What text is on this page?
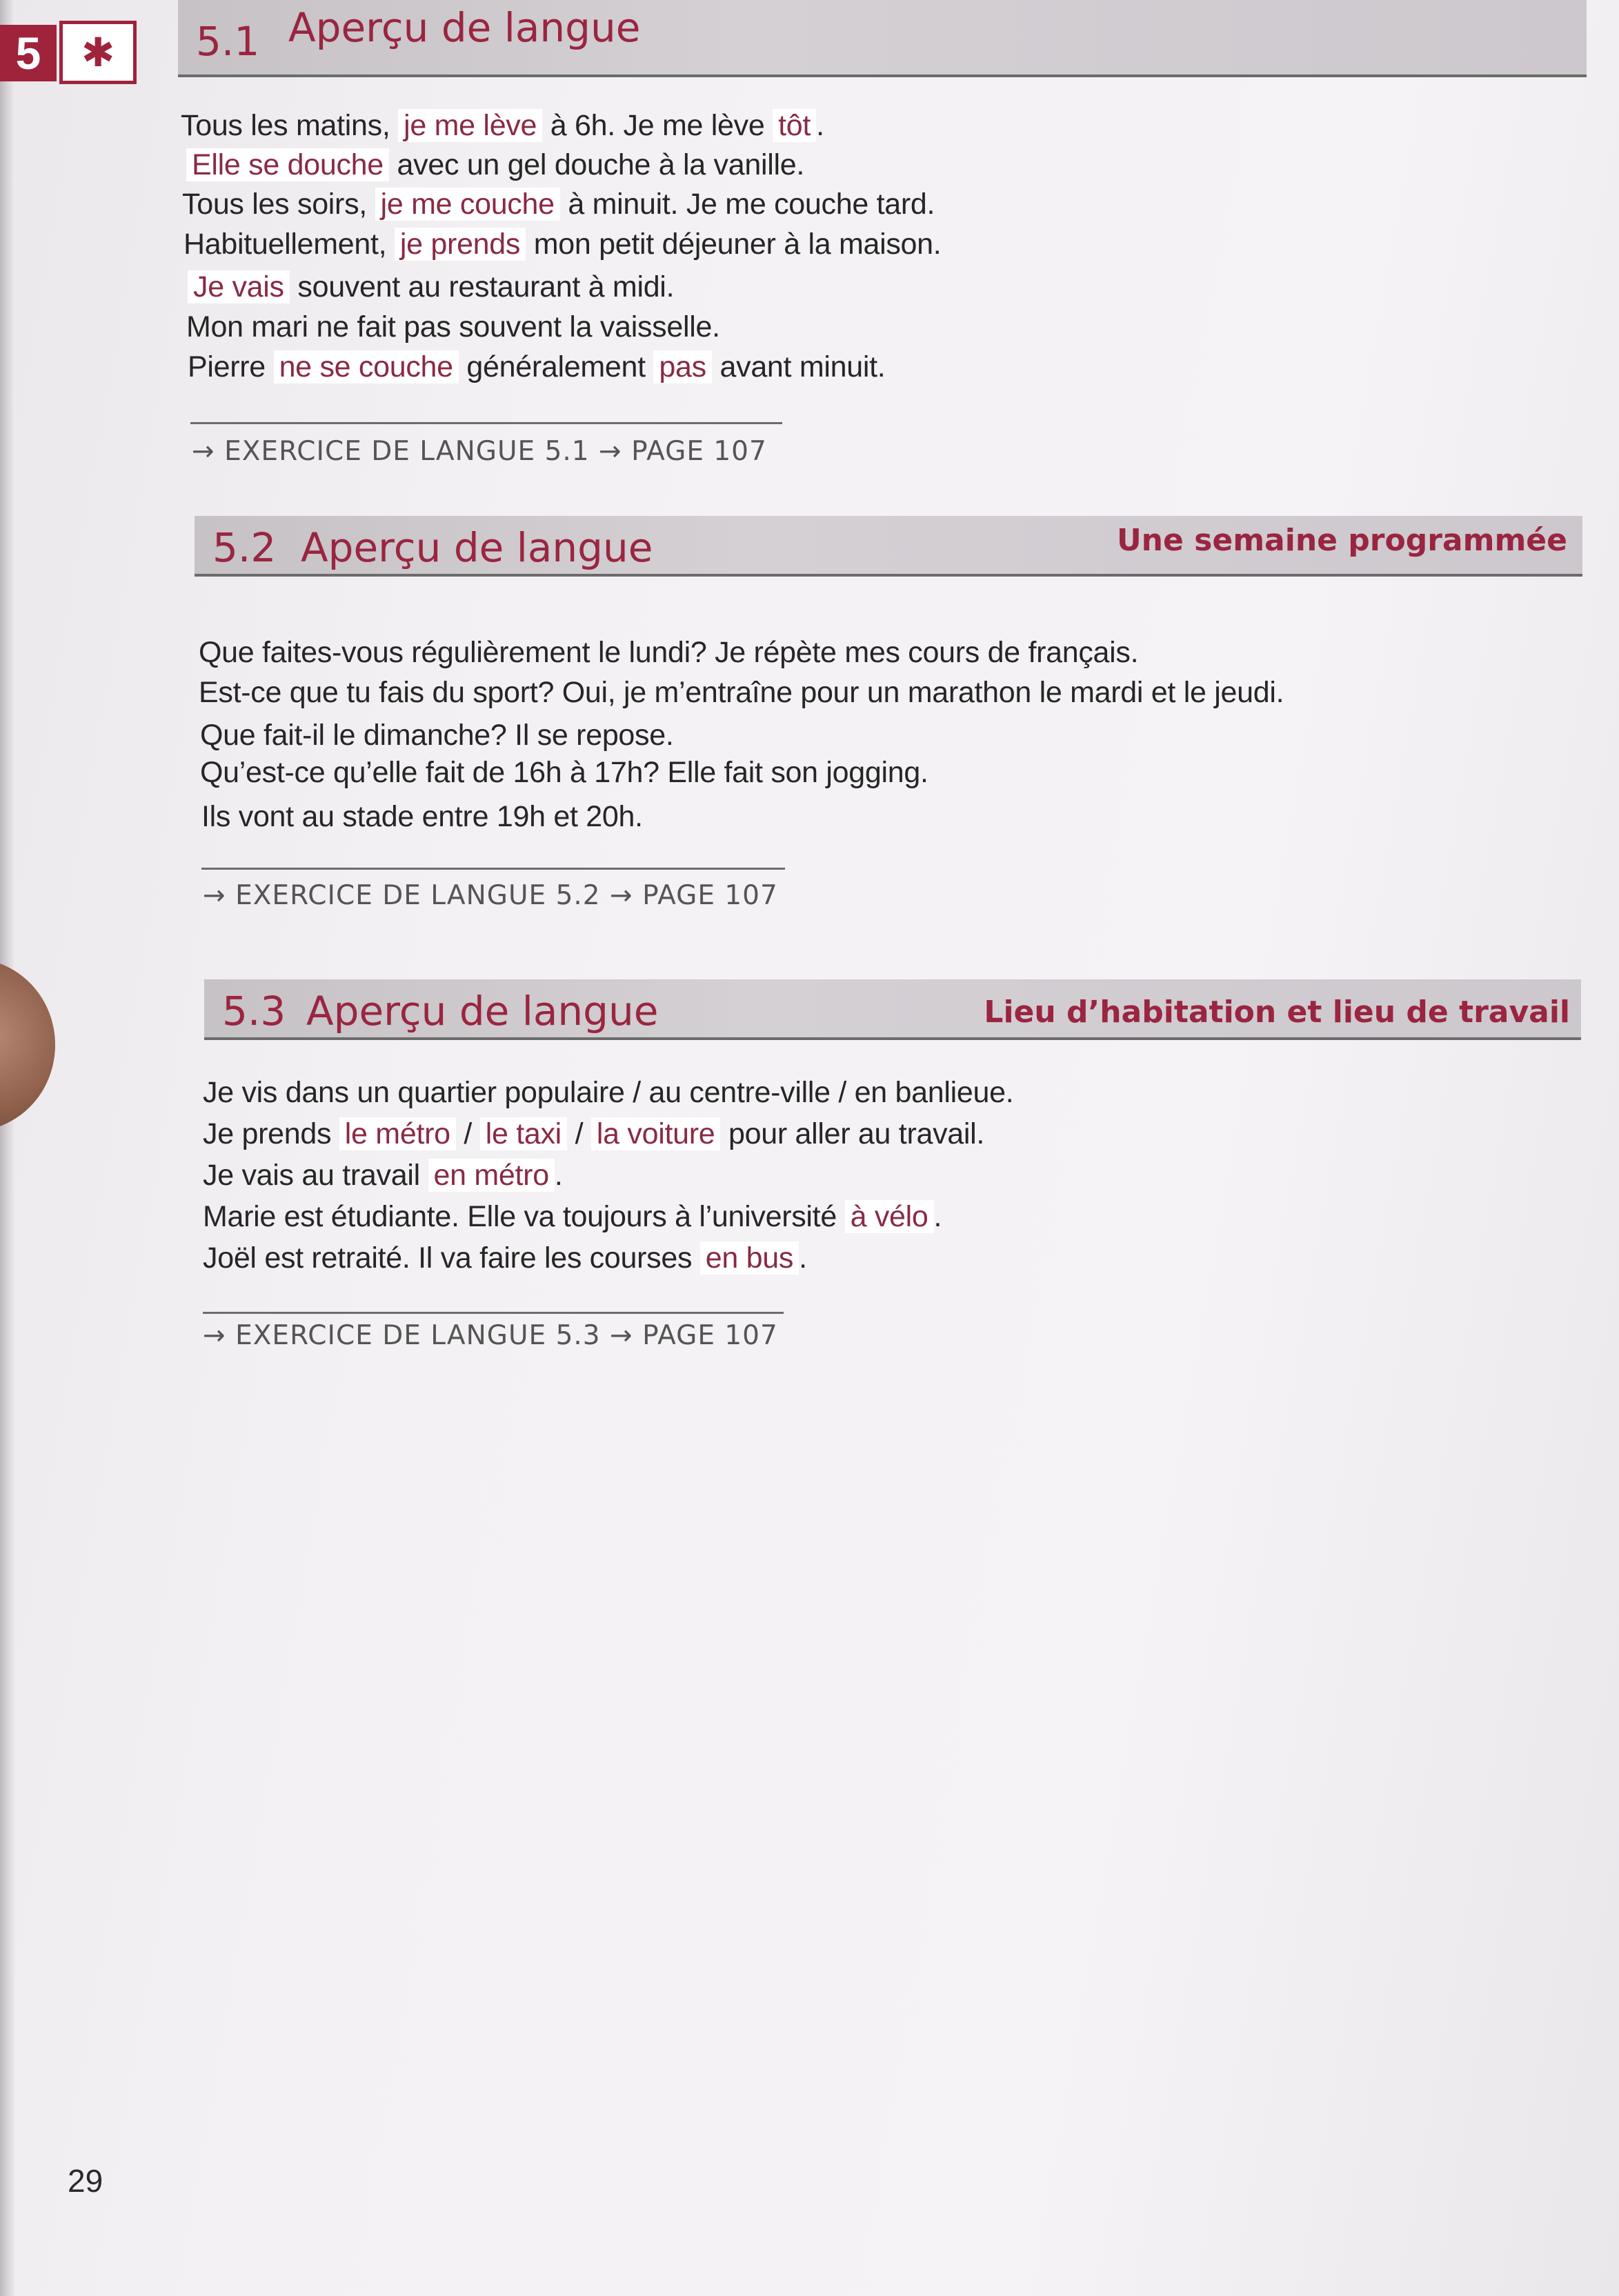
5	✱	5.1 Aperçu de langue
Tous les matins, je me lève à 6h. Je me lève tôt .
Elle se douche avec un gel douche à la vanille.
Tous les soirs, je me couche à minuit. Je me couche tard.
Habituellement, je prends mon petit déjeuner à la maison.
Je vais souvent au restaurant à midi.
Mon mari ne fait pas souvent la vaisselle.
Pierre ne se couche généralement pas avant minuit.
→ EXERCICE DE LANGUE 5.1 → PAGE 107
5.2 Aperçu de langue	Une semaine programmée
Que faites-vous régulièrement le lundi? Je répète mes cours de français.
Est-ce que tu fais du sport? Oui, je m’entraîne pour un marathon le mardi et le jeudi.
Que fait-il le dimanche? Il se repose.
Qu’est-ce qu’elle fait de 16h à 17h? Elle fait son jogging.
Ils vont au stade entre 19h et 20h.
→ EXERCICE DE LANGUE 5.2 → PAGE 107
5.3 Aperçu de langue	Lieu d’habitation et lieu de travail
Je vis dans un quartier populaire / au centre-ville / en banlieue.
Je prends le métro / le taxi / la voiture pour aller au travail.
Je vais au travail en métro .
Marie est étudiante. Elle va toujours à l’université à vélo .
Joël est retraité. Il va faire les courses en bus .
→ EXERCICE DE LANGUE 5.3 → PAGE 107
29
